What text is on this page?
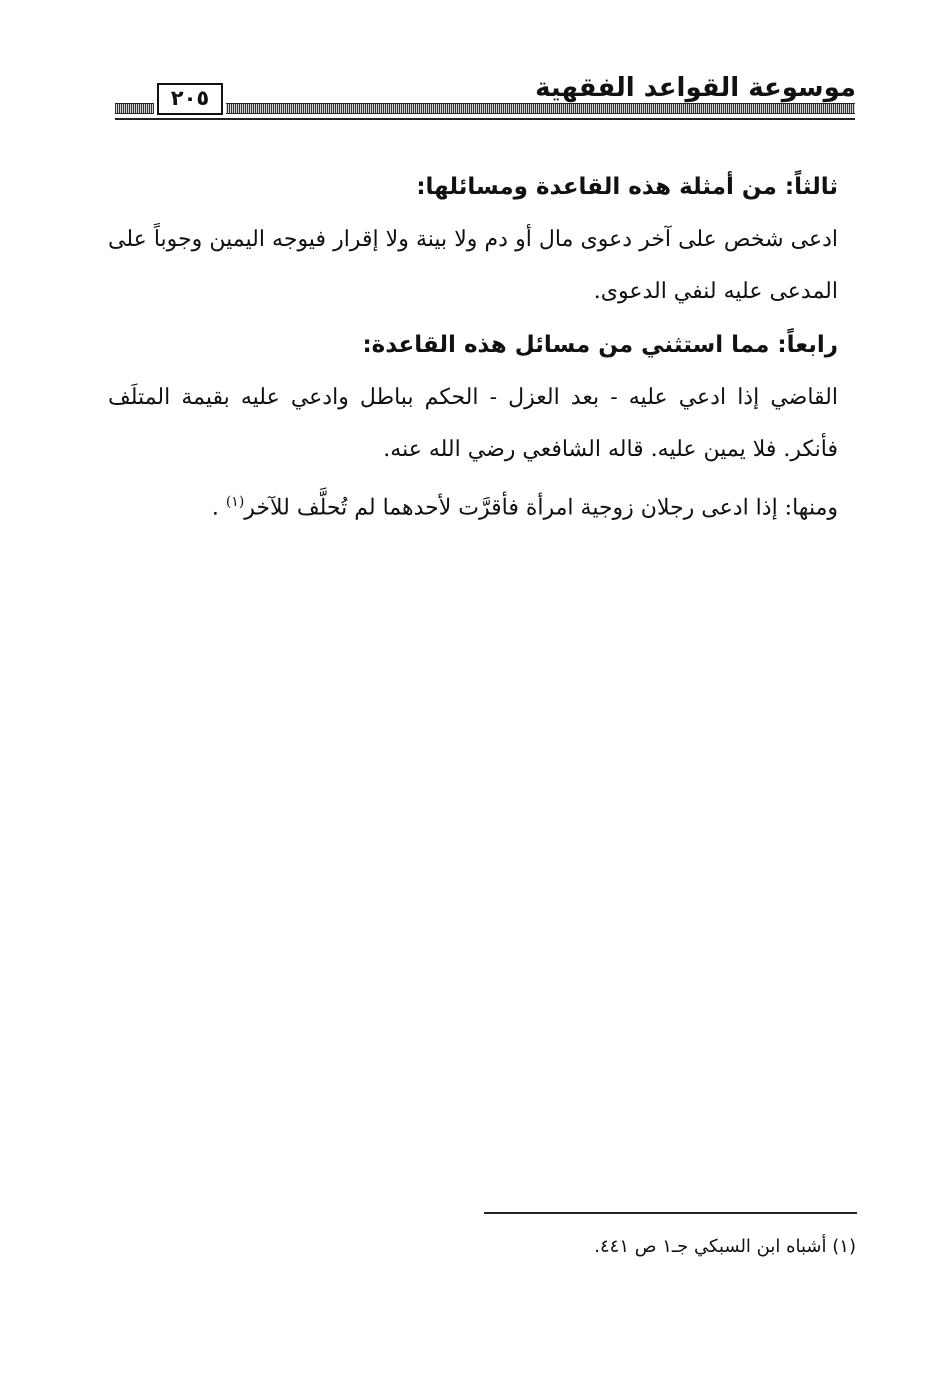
موسوعة القواعد الفقهية
٢٠٥

ثالثاً: من أمثلة هذه القاعدة ومسائلها:

ادعى شخص على آخر دعوى مال أو دم ولا بينة ولا إقرار فيوجه اليمين وجوباً على المدعى عليه لنفي الدعوى.

رابعاً: مما استثني من مسائل هذه القاعدة:

القاضي إذا ادعي عليه - بعد العزل - الحكم بباطل وادعي عليه بقيمة المتلَف فأنكر. فلا يمين عليه. قاله الشافعي رضي الله عنه.

ومنها: إذا ادعى رجلان زوجية امرأة فأقرَّت لأحدهما لم تُحلَّف للآخر$^{(١)}$ .

(١) أشباه ابن السبكي جـ١ ص ٤٤١.
